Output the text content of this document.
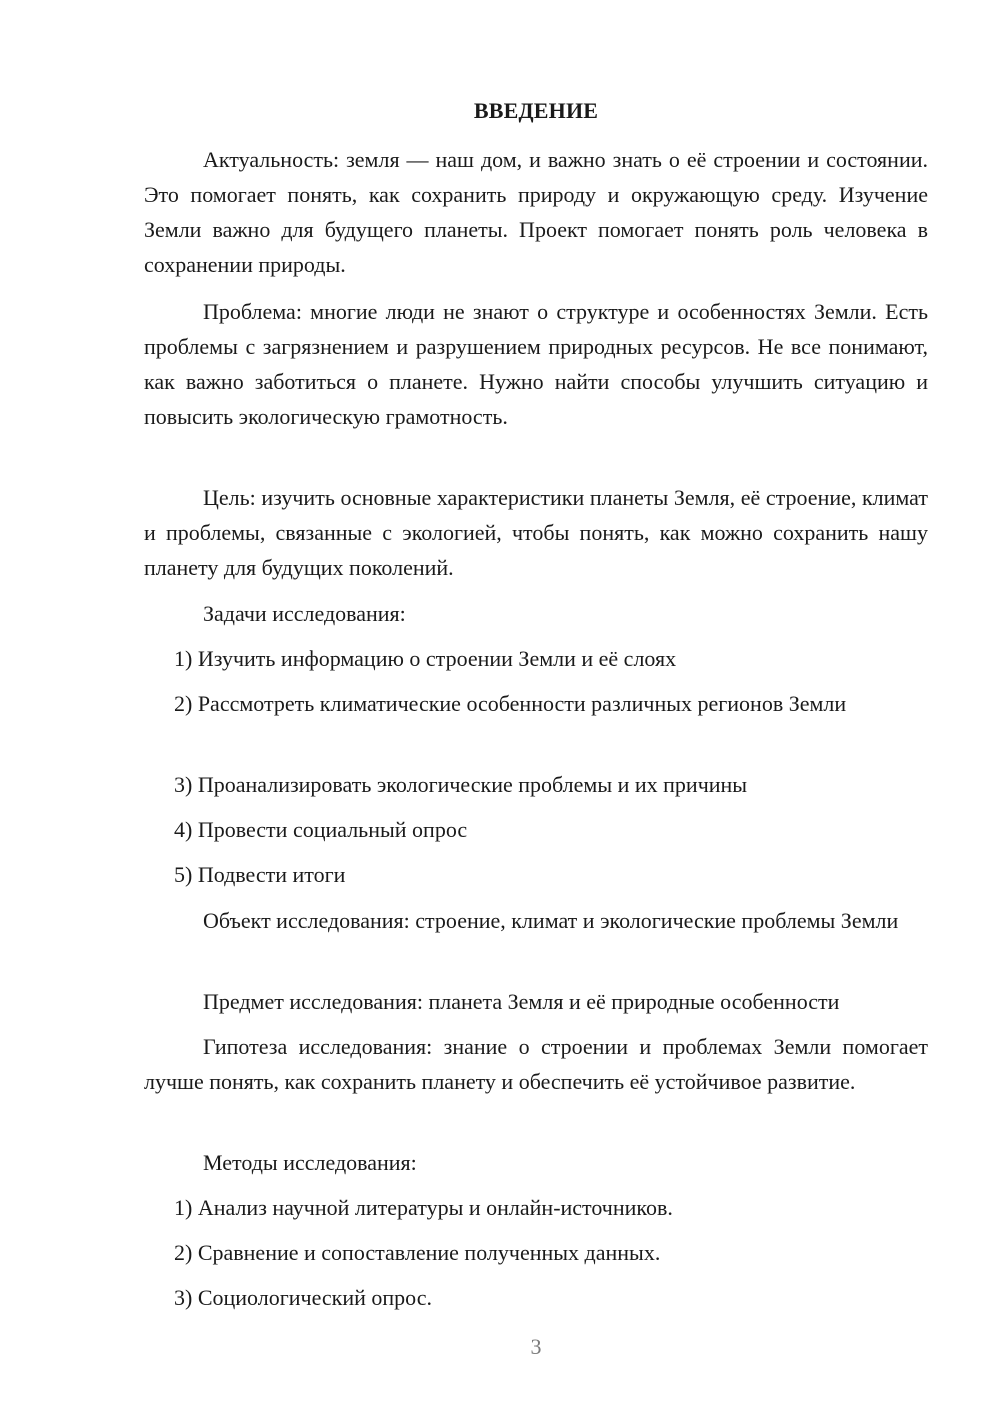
ВВЕДЕНИЕ

Актуальность: земля — наш дом, и важно знать о её строении и состоянии. Это помогает понять, как сохранить природу и окружающую среду. Изучение Земли важно для будущего планеты. Проект помогает понять роль человека в сохранении природы.

Проблема: многие люди не знают о структуре и особенностях Земли. Есть проблемы с загрязнением и разрушением природных ресурсов. Не все понимают, как важно заботиться о планете. Нужно найти способы улучшить ситуацию и повысить экологическую грамотность.

Цель: изучить основные характеристики планеты Земля, её строение, климат и проблемы, связанные с экологией, чтобы понять, как можно сохранить нашу планету для будущих поколений.

Задачи исследования:

1) Изучить информацию о строении Земли и её слоях

2) Рассмотреть климатические особенности различных регионов Земли

3) Проанализировать экологические проблемы и их причины

4) Провести социальный опрос

5) Подвести итоги

Объект исследования: строение, климат и экологические проблемы Земли

Предмет исследования: планета Земля и её природные особенности

Гипотеза исследования: знание о строении и проблемах Земли помогает лучше понять, как сохранить планету и обеспечить её устойчивое развитие.

Методы исследования:

1) Анализ научной литературы и онлайн-источников.

2) Сравнение и сопоставление полученных данных.

3) Социологический опрос.

3
